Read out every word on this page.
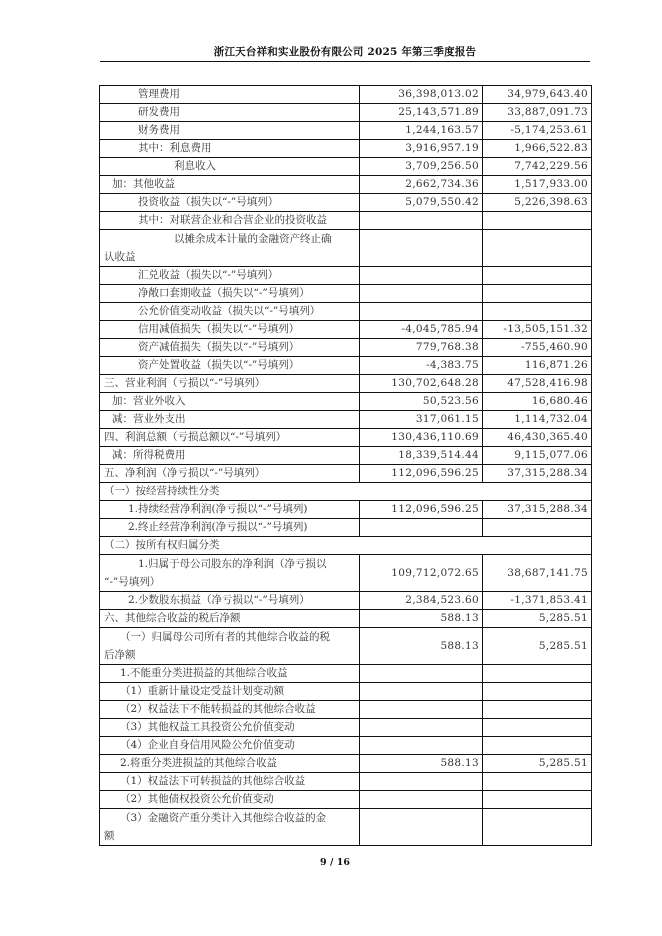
浙江天台祥和实业股份有限公司 2025 年第三季度报告
管理费用	36,398,013.02	34,979,643.40
研发费用	25,143,571.89	33,887,091.73
财务费用	1,244,163.57	-5,174,253.61
其中：利息费用	3,916,957.19	1,966,522.83
利息收入	3,709,256.50	7,742,229.56
加：其他收益	2,662,734.36	1,517,933.00
投资收益（损失以“-”号填列）	5,079,550.42	5,226,398.63
其中：对联营企业和合营企业的投资收益		

以摊余成本计量的金融资产终止确
认收益		

汇兑收益（损失以“-”号填列）		
净敞口套期收益（损失以“-”号填列）		
公允价值变动收益（损失以“-”号填列）		
信用减值损失（损失以“-”号填列）	-4,045,785.94	-13,505,151.32
资产减值损失（损失以“-”号填列）	779,768.38	-755,460.90
资产处置收益（损失以“-”号填列）	-4,383.75	116,871.26
三、营业利润（亏损以“-”号填列）	130,702,648.28	47,528,416.98
加：营业外收入	50,523.56	16,680.46
减：营业外支出	317,061.15	1,114,732.04
四、利润总额（亏损总额以“-”号填列）	130,436,110.69	46,430,365.40
减：所得税费用	18,339,514.44	9,115,077.06
五、净利润（净亏损以“-”号填列）	112,096,596.25	37,315,288.34
（一）按经营持续性分类		
1.持续经营净利润(净亏损以“-”号填列)	112,096,596.25	37,315,288.34
2.终止经营净利润(净亏损以“-”号填列)		
（二）按所有权归属分类		

1.归属于母公司股东的净利润（净亏损以
“-”号填列）	109,712,072.65	38,687,141.75
2.少数股东损益（净亏损以“-”号填列）	2,384,523.60	-1,371,853.41
六、其他综合收益的税后净额	588.13	5,285.51

（一）归属母公司所有者的其他综合收益的税
后净额	588.13	5,285.51
1.不能重分类进损益的其他综合收益		
（1）重新计量设定受益计划变动额		
（2）权益法下不能转损益的其他综合收益		
（3）其他权益工具投资公允价值变动		
（4）企业自身信用风险公允价值变动		
2.将重分类进损益的其他综合收益	588.13	5,285.51
（1）权益法下可转损益的其他综合收益		
（2）其他债权投资公允价值变动		

（3）金融资产重分类计入其他综合收益的金
额		

9 / 16
